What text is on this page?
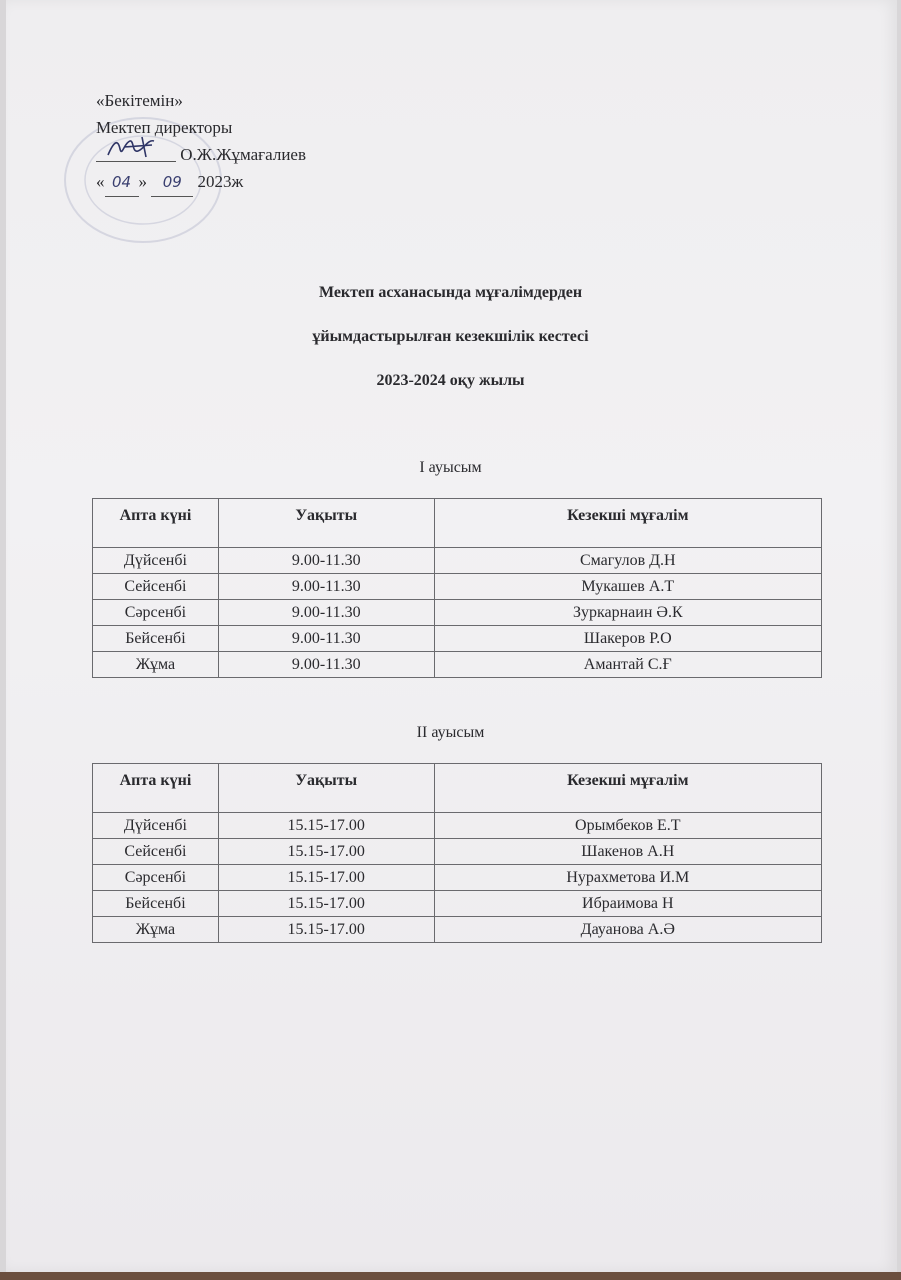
«Бекітемін»
Мектеп директоры
О.Ж.Жұмағалиев
« 04 » 09 2023ж
Мектеп асханасында мұғалімдерден
ұйымдастырылған кезекшілік кестесі
2023-2024 оқу жылы
I ауысым
Апта күні	Уақыты	Кезекші мұғалім
Дүйсенбі	9.00-11.30	Смагулов Д.Н
Сейсенбі	9.00-11.30	Мукашев А.Т
Сәрсенбі	9.00-11.30	Зуркарнаин Ә.К
Бейсенбі	9.00-11.30	Шакеров Р.О
Жұма	9.00-11.30	Амантай С.Ғ
II ауысым
Апта күні	Уақыты	Кезекші мұғалім
Дүйсенбі	15.15-17.00	Орымбеков Е.Т
Сейсенбі	15.15-17.00	Шакенов А.Н
Сәрсенбі	15.15-17.00	Нурахметова И.М
Бейсенбі	15.15-17.00	Ибраимова Н
Жұма	15.15-17.00	Дауанова А.Ә
